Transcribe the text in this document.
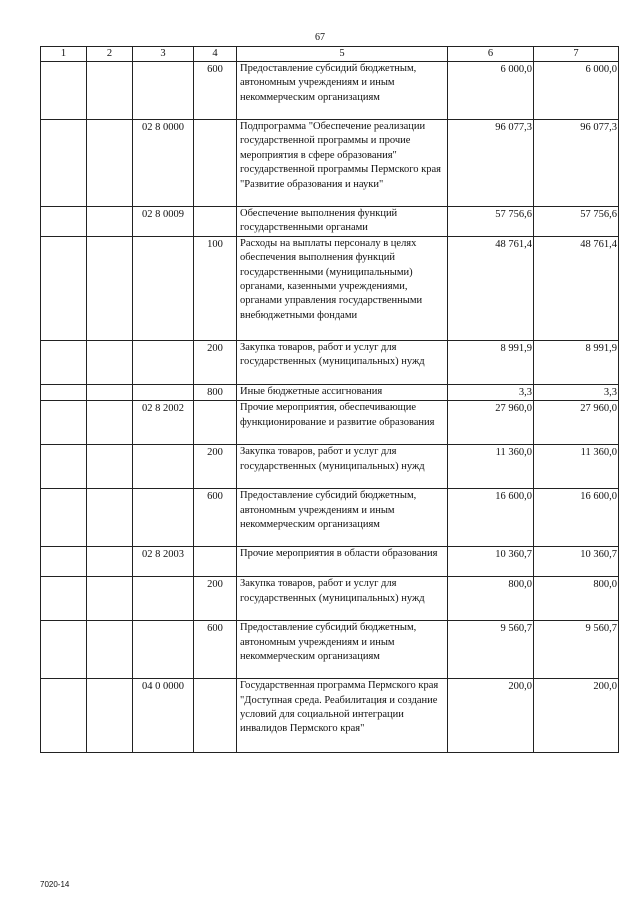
67
1	2	3	4	5	6	7
			600	Предоставление субсидий бюджетным, автономным учреждениям и иным некоммерческим организациям	6 000,0	6 000,0
		02 8 0000		Подпрограмма "Обеспечение реализации государственной программы и прочие мероприятия в сфере образования" государственной программы Пермского края "Развитие образования и науки"	96 077,3	96 077,3
		02 8 0009		Обеспечение выполнения функций государственными органами	57 756,6	57 756,6
			100	Расходы на выплаты персоналу в целях обеспечения выполнения функций государственными (муниципальными) органами, казенными учреждениями, органами управления государственными внебюджетными фондами	48 761,4	48 761,4
			200	Закупка товаров, работ и услуг для государственных (муниципальных) нужд	8 991,9	8 991,9
			800	Иные бюджетные ассигнования	3,3	3,3
		02 8 2002		Прочие мероприятия, обеспечивающие функционирование и развитие образования	27 960,0	27 960,0
			200	Закупка товаров, работ и услуг для государственных (муниципальных) нужд	11 360,0	11 360,0
			600	Предоставление субсидий бюджетным, автономным учреждениям и иным некоммерческим организациям	16 600,0	16 600,0
		02 8 2003		Прочие мероприятия в области образования	10 360,7	10 360,7
			200	Закупка товаров, работ и услуг для государственных (муниципальных) нужд	800,0	800,0
			600	Предоставление субсидий бюджетным, автономным учреждениям и иным некоммерческим организациям	9 560,7	9 560,7
		04 0 0000		Государственная программа Пермского края "Доступная среда. Реабилитация и создание условий для социальной интеграции инвалидов Пермского края"	200,0	200,0
7020-14
